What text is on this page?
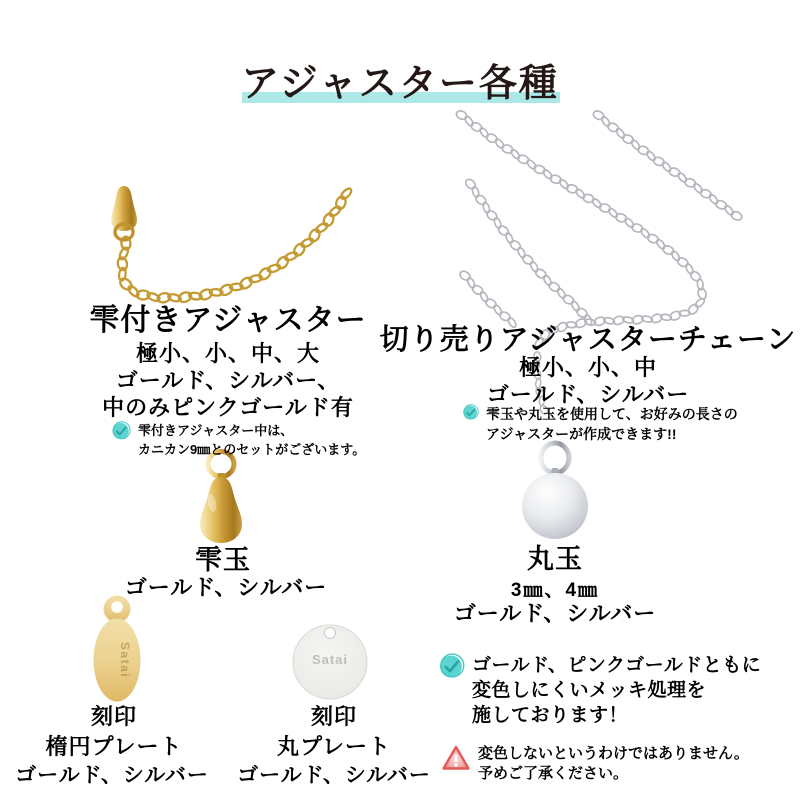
アジャスター各種
Satai	Satai
雫付きアジャスター
極小、小、中、大
ゴールド、シルバー、
中のみピンクゴールド有
雫付きアジャスター中は、
カニカン9㎜とのセットがございます。
切り売りアジャスターチェーン
極小、小、中
ゴールド、シルバー
雫玉や丸玉を使用して、お好みの長さの
アジャスターが作成できます!!
雫玉
ゴールド、シルバー
丸玉
3㎜、4㎜
ゴールド、シルバー
刻印
楕円プレート
ゴールド、シルバー
刻印
丸プレート
ゴールド、シルバー
ゴールド、ピンクゴールドともに
変色しにくいメッキ処理を
施しております！
変色しないというわけではありません。
予めご了承ください。
